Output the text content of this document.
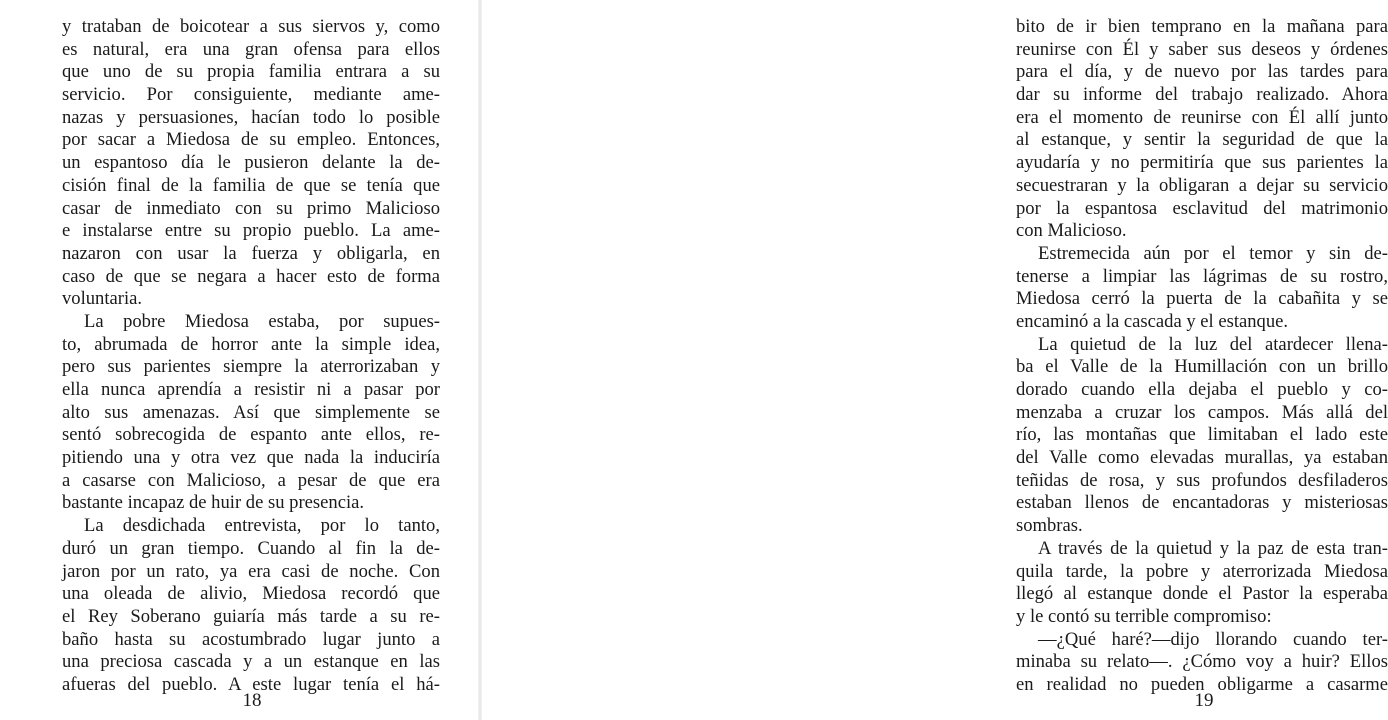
y trataban de boicotear a sus siervos y, como
es natural, era una gran ofensa para ellos
que uno de su propia familia entrara a su
servicio. Por consiguiente, mediante ame-
nazas y persuasiones, hacían todo lo posible
por sacar a Miedosa de su empleo. Entonces,
un espantoso día le pusieron delante la de-
cisión final de la familia de que se tenía que
casar de inmediato con su primo Malicioso
e instalarse entre su propio pueblo. La ame-
nazaron con usar la fuerza y obligarla, en
caso de que se negara a hacer esto de forma
voluntaria.
La pobre Miedosa estaba, por supues-
to, abrumada de horror ante la simple idea,
pero sus parientes siempre la aterrorizaban y
ella nunca aprendía a resistir ni a pasar por
alto sus amenazas. Así que simplemente se
sentó sobrecogida de espanto ante ellos, re-
pitiendo una y otra vez que nada la induciría
a casarse con Malicioso, a pesar de que era
bastante incapaz de huir de su presencia.
La desdichada entrevista, por lo tanto,
duró un gran tiempo. Cuando al fin la de-
jaron por un rato, ya era casi de noche. Con
una oleada de alivio, Miedosa recordó que
el Rey Soberano guiaría más tarde a su re-
baño hasta su acostumbrado lugar junto a
una preciosa cascada y a un estanque en las
afueras del pueblo. A este lugar tenía el há-
18
bito de ir bien temprano en la mañana para
reunirse con Él y saber sus deseos y órdenes
para el día, y de nuevo por las tardes para
dar su informe del trabajo realizado. Ahora
era el momento de reunirse con Él allí junto
al estanque, y sentir la seguridad de que la
ayudaría y no permitiría que sus parientes la
secuestraran y la obligaran a dejar su servicio
por la espantosa esclavitud del matrimonio
con Malicioso.
Estremecida aún por el temor y sin de-
tenerse a limpiar las lágrimas de su rostro,
Miedosa cerró la puerta de la cabañita y se
encaminó a la cascada y el estanque.
La quietud de la luz del atardecer llena-
ba el Valle de la Humillación con un brillo
dorado cuando ella dejaba el pueblo y co-
menzaba a cruzar los campos. Más allá del
río, las montañas que limitaban el lado este
del Valle como elevadas murallas, ya estaban
teñidas de rosa, y sus profundos desfiladeros
estaban llenos de encantadoras y misteriosas
sombras.
A través de la quietud y la paz de esta tran-
quila tarde, la pobre y aterrorizada Miedosa
llegó al estanque donde el Pastor la esperaba
y le contó su terrible compromiso:
—¿Qué haré?—dijo llorando cuando ter-
minaba su relato—. ¿Cómo voy a huir? Ellos
en realidad no pueden obligarme a casarme
19
